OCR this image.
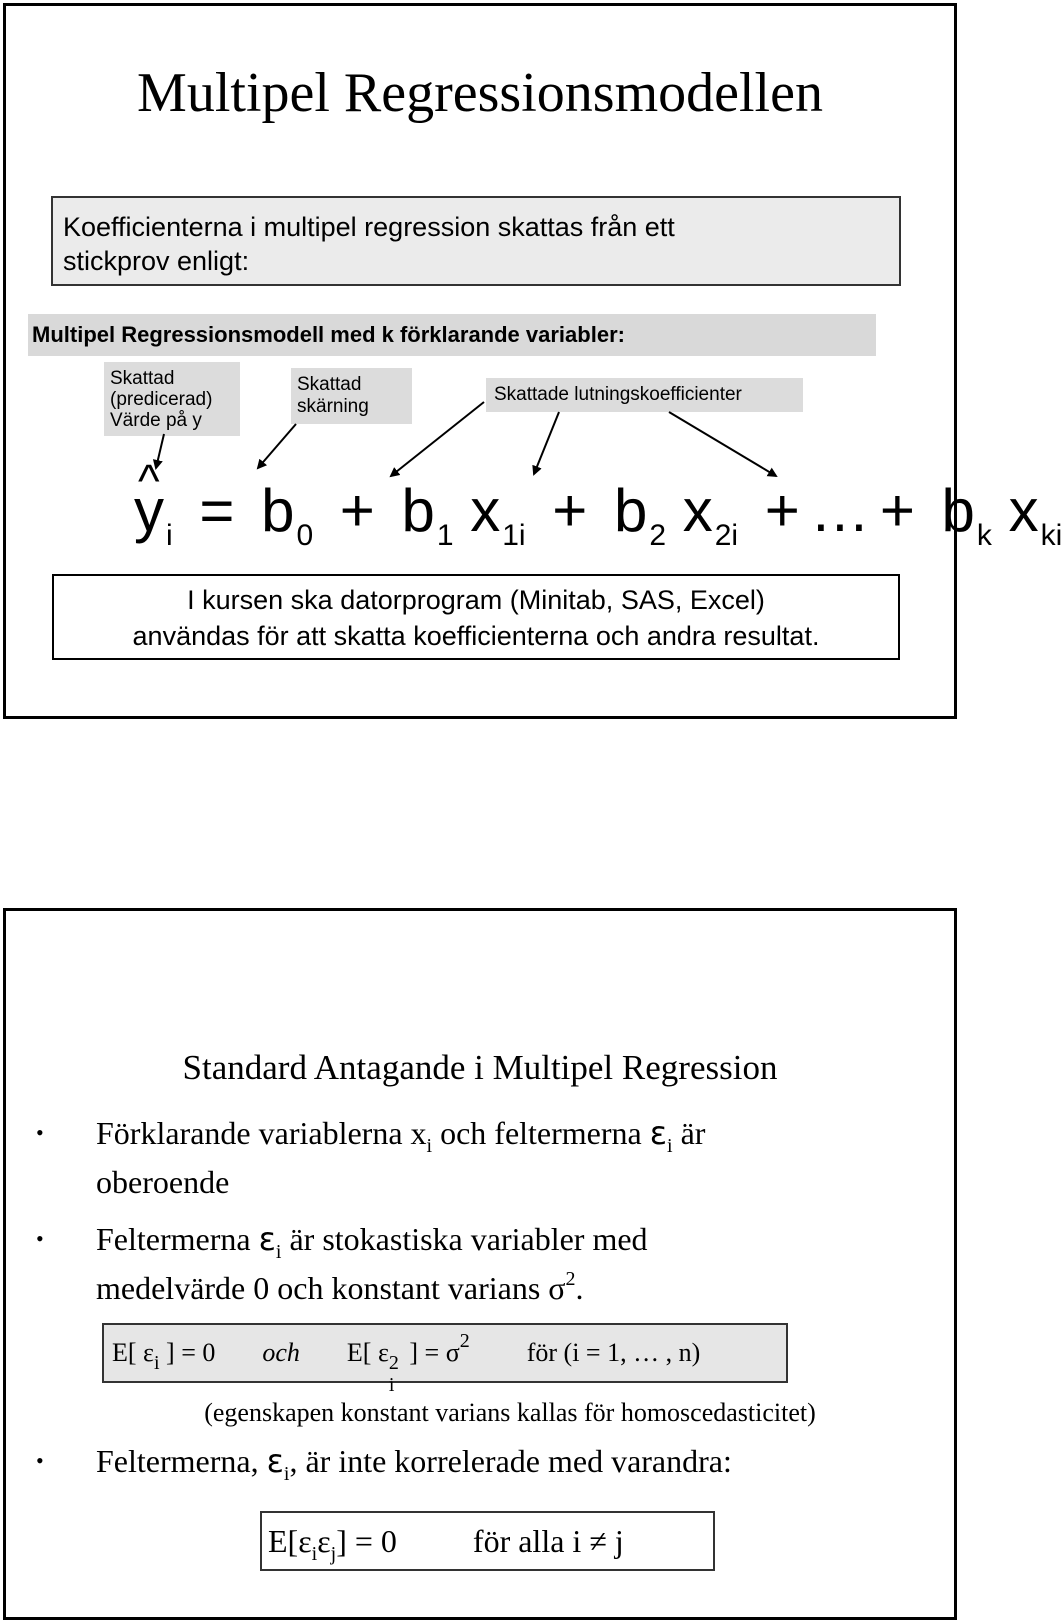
Multipel Regressionsmodellen
Koefficienterna i multipel regression skattas från ett
stickprov enligt:
Multipel Regressionsmodell med k förklarande variabler:
Skattad
(predicerad)
Värde på y
Skattad
skärning
Skattade lutningskoefficienter
^ yi = b0 + b1 x1i + b2 x2i + … + bk xki
I kursen ska datorprogram (Minitab, SAS, Excel)
användas för att skatta koefficienterna och andra resultat.
Standard Antagande i Multipel Regression
• Förklarande variablerna $x_i$ och feltermerna $\varepsilon_i$ är
oberoende
• Feltermerna $\varepsilon_i$ är stokastiska variabler med
medelvärde 0 och konstant varians $\sigma^2$.
E[ $\varepsilon_i$ ] = 0 och E[ ε 2
i
] = $\sigma^2$ för (i = 1, … , n)
(egenskapen konstant varians kallas för homoscedasticitet)
• Feltermerna, $\varepsilon_i$, är inte korrelerade med varandra:
$E[\varepsilon_i\varepsilon_j] = 0$ för alla i ≠ j
